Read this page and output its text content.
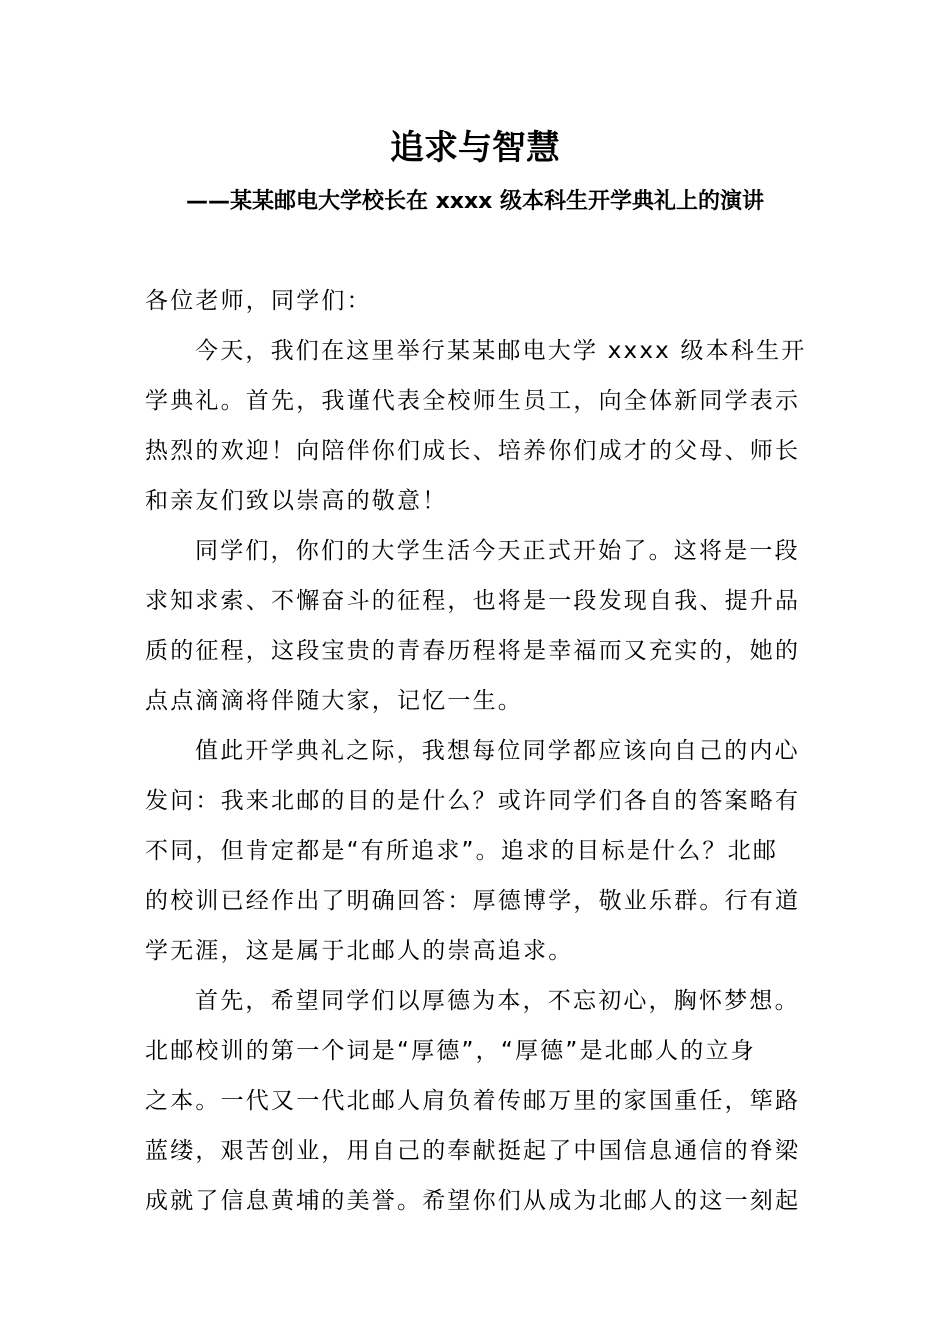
追求与智慧
——某某邮电大学校长在 xxxx 级本科生开学典礼上的演讲
各位老师，同学们：
今天，我们在这里举行某某邮电大学 xxxx 级本科生开
学典礼。首先，我谨代表全校师生员工，向全体新同学表示
热烈的欢迎！向陪伴你们成长、培养你们成才的父母、师长
和亲友们致以崇高的敬意！
同学们，你们的大学生活今天正式开始了。这将是一段
求知求索、不懈奋斗的征程，也将是一段发现自我、提升品
质的征程，这段宝贵的青春历程将是幸福而又充实的，她的
点点滴滴将伴随大家，记忆一生。
值此开学典礼之际，我想每位同学都应该向自己的内心
发问：我来北邮的目的是什么？或许同学们各自的答案略有
不同，但肯定都是“有所追求”。追求的目标是什么？北邮
的校训已经作出了明确回答：厚德博学，敬业乐群。行有道
学无涯，这是属于北邮人的崇高追求。
首先，希望同学们以厚德为本，不忘初心，胸怀梦想。
北邮校训的第一个词是“厚德”，“厚德”是北邮人的立身
之本。一代又一代北邮人肩负着传邮万里的家国重任，筚路
蓝缕，艰苦创业，用自己的奉献挺起了中国信息通信的脊梁
成就了信息黄埔的美誉。希望你们从成为北邮人的这一刻起
